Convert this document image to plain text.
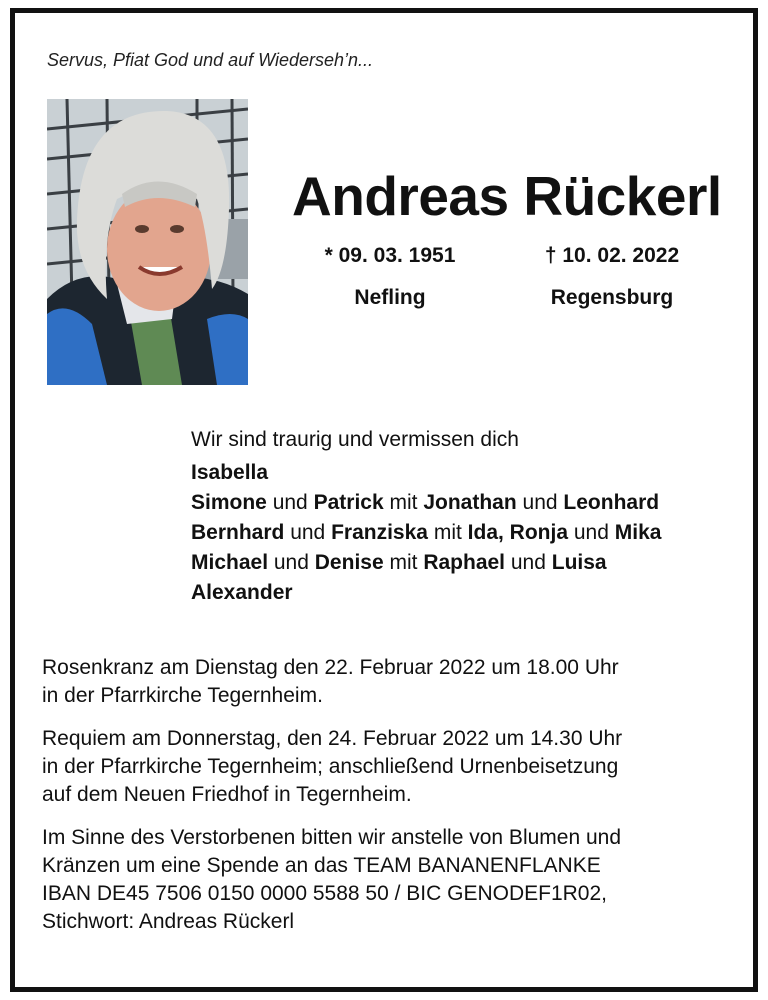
Servus, Pfiat God und auf Wiederseh’n...
Andreas Rückerl
* 09. 03. 1951
Nefling
† 10. 02. 2022
Regensburg
Wir sind traurig und vermissen dich
Isabella
Simone und Patrick mit Jonathan und Leonhard
Bernhard und Franziska mit Ida, Ronja und Mika
Michael und Denise mit Raphael und Luisa
Alexander
Rosenkranz am Dienstag den 22. Februar 2022 um 18.00 Uhr
in der Pfarrkirche Tegernheim.
Requiem am Donnerstag, den 24. Februar 2022 um 14.30 Uhr
in der Pfarrkirche Tegernheim; anschließend Urnenbeisetzung
auf dem Neuen Friedhof in Tegernheim.
Im Sinne des Verstorbenen bitten wir anstelle von Blumen und
Kränzen um eine Spende an das TEAM BANANENFLANKE
IBAN DE45 7506 0150 0000 5588 50 / BIC GENODEF1R02,
Stichwort: Andreas Rückerl
